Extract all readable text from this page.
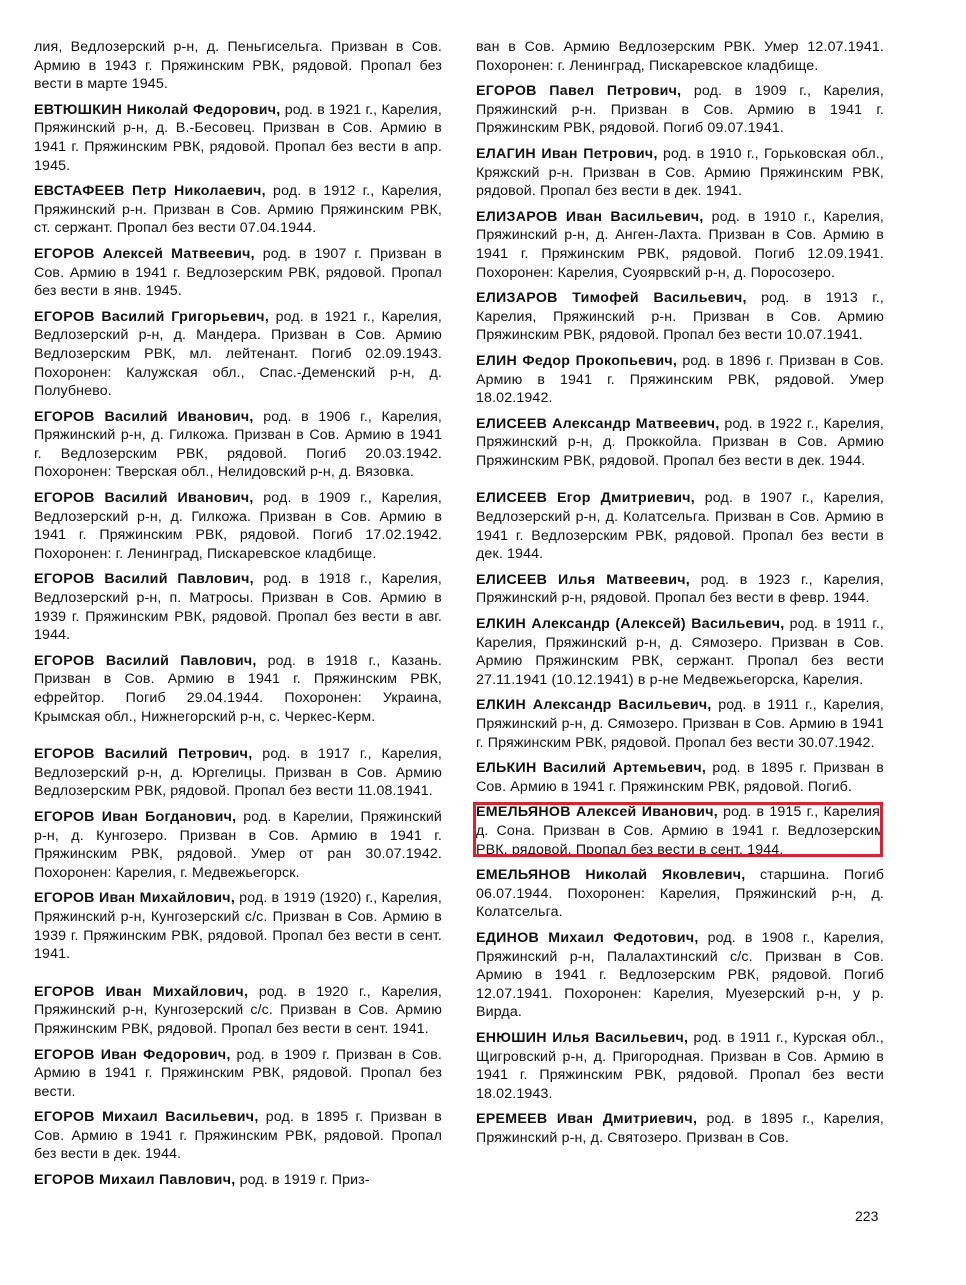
лия, Ведлозерский р-н, д. Пеньгисельга. Призван в Сов. Армию в 1943 г. Пряжинским РВК, рядовой. Пропал без вести в марте 1945.

ЕВТЮШКИН Николай Федорович, род. в 1921 г., Карелия, Пряжинский р-н, д. В.-Бесовец. Призван в Сов. Армию в 1941 г. Пряжинским РВК, рядовой. Пропал без вести в апр. 1945.

ЕВСТАФЕЕВ Петр Николаевич, род. в 1912 г., Карелия, Пряжинский р-н. Призван в Сов. Армию Пряжинским РВК, ст. сержант. Пропал без вести 07.04.1944.

ЕГОРОВ Алексей Матвеевич, род. в 1907 г. Призван в Сов. Армию в 1941 г. Ведлозерским РВК, рядовой. Пропал без вести в янв. 1945.

ЕГОРОВ Василий Григорьевич, род. в 1921 г., Карелия, Ведлозерский р-н, д. Мандера. Призван в Сов. Армию Ведлозерским РВК, мл. лейтенант. Погиб 02.09.1943. Похоронен: Калужская обл., Спас.-Деменский р-н, д. Полубнево.

ЕГОРОВ Василий Иванович, род. в 1906 г., Карелия, Пряжинский р-н, д. Гилкожа. Призван в Сов. Армию в 1941 г. Ведлозерским РВК, рядовой. Погиб 20.03.1942. Похоронен: Тверская обл., Нелидовский р-н, д. Вязовка.

ЕГОРОВ Василий Иванович, род. в 1909 г., Карелия, Ведлозерский р-н, д. Гилкожа. Призван в Сов. Армию в 1941 г. Пряжинским РВК, рядовой. Погиб 17.02.1942. Похоронен: г. Ленинград, Пискаревское кладбище.

ЕГОРОВ Василий Павлович, род. в 1918 г., Карелия, Ведлозерский р-н, п. Матросы. Призван в Сов. Армию в 1939 г. Пряжинским РВК, рядовой. Пропал без вести в авг. 1944.

ЕГОРОВ Василий Павлович, род. в 1918 г., Казань. Призван в Сов. Армию в 1941 г. Пряжинским РВК, ефрейтор. Погиб 29.04.1944. Похоронен: Украина, Крымская обл., Нижнегорский р-н, с. Черкес-Керм.

ЕГОРОВ Василий Петрович, род. в 1917 г., Карелия, Ведлозерский р-н, д. Юргелицы. Призван в Сов. Армию Ведлозерским РВК, рядовой. Пропал без вести 11.08.1941.

ЕГОРОВ Иван Богданович, род. в Карелии, Пряжинский р-н, д. Кунгозеро. Призван в Сов. Армию в 1941 г. Пряжинским РВК, рядовой. Умер от ран 30.07.1942. Похоронен: Карелия, г. Медвежьегорск.

ЕГОРОВ Иван Михайлович, род. в 1919 (1920) г., Карелия, Пряжинский р-н, Кунгозерский с/с. Призван в Сов. Армию в 1939 г. Пряжинским РВК, рядовой. Пропал без вести в сент. 1941.

ЕГОРОВ Иван Михайлович, род. в 1920 г., Карелия, Пряжинский р-н, Кунгозерский с/с. Призван в Сов. Армию Пряжинским РВК, рядовой. Пропал без вести в сент. 1941.

ЕГОРОВ Иван Федорович, род. в 1909 г. Призван в Сов. Армию в 1941 г. Пряжинским РВК, рядовой. Пропал без вести.

ЕГОРОВ Михаил Васильевич, род. в 1895 г. Призван в Сов. Армию в 1941 г. Пряжинским РВК, рядовой. Пропал без вести в дек. 1944.

ЕГОРОВ Михаил Павлович, род. в 1919 г. Приз-

ван в Сов. Армию Ведлозерским РВК. Умер 12.07.1941. Похоронен: г. Ленинград, Пискаревское кладбище.

ЕГОРОВ Павел Петрович, род. в 1909 г., Карелия, Пряжинский р-н. Призван в Сов. Армию в 1941 г. Пряжинским РВК, рядовой. Погиб 09.07.1941.

ЕЛАГИН Иван Петрович, род. в 1910 г., Горьковская обл., Кряжский р-н. Призван в Сов. Армию Пряжинским РВК, рядовой. Пропал без вести в дек. 1941.

ЕЛИЗАРОВ Иван Васильевич, род. в 1910 г., Карелия, Пряжинский р-н, д. Анген-Лахта. Призван в Сов. Армию в 1941 г. Пряжинским РВК, рядовой. Погиб 12.09.1941. Похоронен: Карелия, Суоярвский р-н, д. Поросозеро.

ЕЛИЗАРОВ Тимофей Васильевич, род. в 1913 г., Карелия, Пряжинский р-н. Призван в Сов. Армию Пряжинским РВК, рядовой. Пропал без вести 10.07.1941.

ЕЛИН Федор Прокопьевич, род. в 1896 г. Призван в Сов. Армию в 1941 г. Пряжинским РВК, рядовой. Умер 18.02.1942.

ЕЛИСЕЕВ Александр Матвеевич, род. в 1922 г., Карелия, Пряжинский р-н, д. Проккойла. Призван в Сов. Армию Пряжинским РВК, рядовой. Пропал без вести в дек. 1944.

ЕЛИСЕЕВ Егор Дмитриевич, род. в 1907 г., Карелия, Ведлозерский р-н, д. Колатсельга. Призван в Сов. Армию в 1941 г. Ведлозерским РВК, рядовой. Пропал без вести в дек. 1944.

ЕЛИСЕЕВ Илья Матвеевич, род. в 1923 г., Карелия, Пряжинский р-н, рядовой. Пропал без вести в февр. 1944.

ЕЛКИН Александр (Алексей) Васильевич, род. в 1911 г., Карелия, Пряжинский р-н, д. Сямозеро. Призван в Сов. Армию Пряжинским РВК, сержант. Пропал без вести 27.11.1941 (10.12.1941) в р-не Медвежьегорска, Карелия.

ЕЛКИН Александр Васильевич, род. в 1911 г., Карелия, Пряжинский р-н, д. Сямозеро. Призван в Сов. Армию в 1941 г. Пряжинским РВК, рядовой. Пропал без вести 30.07.1942.

ЕЛЬКИН Василий Артемьевич, род. в 1895 г. Призван в Сов. Армию в 1941 г. Пряжинским РВК, рядовой. Погиб.

ЕМЕЛЬЯНОВ Алексей Иванович, род. в 1915 г., Карелия, д. Сона. Призван в Сов. Армию в 1941 г. Ведлозерским РВК, рядовой. Пропал без вести в сент. 1944.

ЕМЕЛЬЯНОВ Николай Яковлевич, старшина. Погиб 06.07.1944. Похоронен: Карелия, Пряжинский р-н, д. Колатсельга.

ЕДИНОВ Михаил Федотович, род. в 1908 г., Карелия, Пряжинский р-н, Палалахтинский с/с. Призван в Сов. Армию в 1941 г. Ведлозерским РВК, рядовой. Погиб 12.07.1941. Похоронен: Карелия, Муезерский р-н, у р. Вирда.

ЕНЮШИН Илья Васильевич, род. в 1911 г., Курская обл., Щигровский р-н, д. Пригородная. Призван в Сов. Армию в 1941 г. Пряжинским РВК, рядовой. Пропал без вести 18.02.1943.

ЕРЕМЕЕВ Иван Дмитриевич, род. в 1895 г., Карелия, Пряжинский р-н, д. Святозеро. Призван в Сов.

223
